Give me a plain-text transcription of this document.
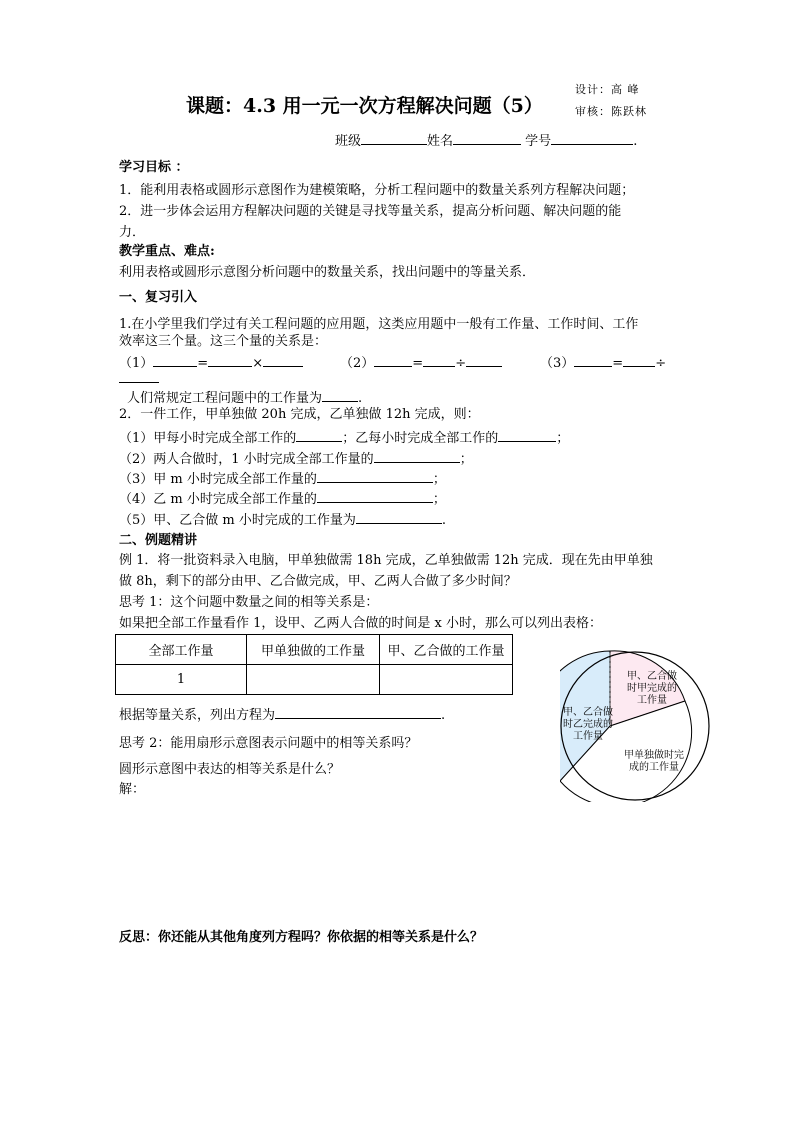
课题：4.3 用一元一次方程解决问题（5）
设计：高 峰
审核：陈跃林
班级	姓名	学号	.
学习目标 ：
1．能利用表格或圆形示意图作为建模策略，分析工程问题中的数量关系列方程解决问题；
2．进一步体会运用方程解决问题的关键是寻找等量关系，提高分析问题、解决问题的能
力．
教学重点、难点:
利用表格或圆形示意图分析问题中的数量关系，找出问题中的等量关系．
一、复习引入
1.在小学里我们学过有关工程问题的应用题，这类应用题中一般有工作量、工作时间、工作
效率这三个量。这三个量的关系是：
（1）	=	×	（2）	= ÷	（3）	= ÷
人们常规定工程问题中的工作量为	.
2．一件工作，甲单独做 20h 完成，乙单独做 12h 完成，则：
（1）甲每小时完成全部工作的	；乙每小时完成全部工作的	；
（2）两人合做时，1 小时完成全部工作量的	；
（3）甲 m 小时完成全部工作量的	；
（4）乙 m 小时完成全部工作量的	；
（5）甲、乙合做 m 小时完成的工作量为	.
二、例题精讲
例 1．将一批资料录入电脑，甲单独做需 18h 完成，乙单独做需 12h 完成．现在先由甲单独
做 8h，剩下的部分由甲、乙合做完成，甲、乙两人合做了多少时间？
思考 1：这个问题中数量之间的相等关系是：
如果把全部工作量看作 1，设甲、乙两人合做的时间是 x 小时，那么可以列出表格：
全部工作量	甲单独做的工作量	甲、乙合做的工作量
1		
根据等量关系，列出方程为	.
思考 2：能用扇形示意图表示问题中的相等关系吗？
圆形示意图中表达的相等关系是什么？
解：
反思：你还能从其他角度列方程吗？你依据的相等关系是什么？
甲、乙合做
时甲完成的
工作量
甲、乙合做
时乙完成的
工作量
甲单独做时完
成的工作量
